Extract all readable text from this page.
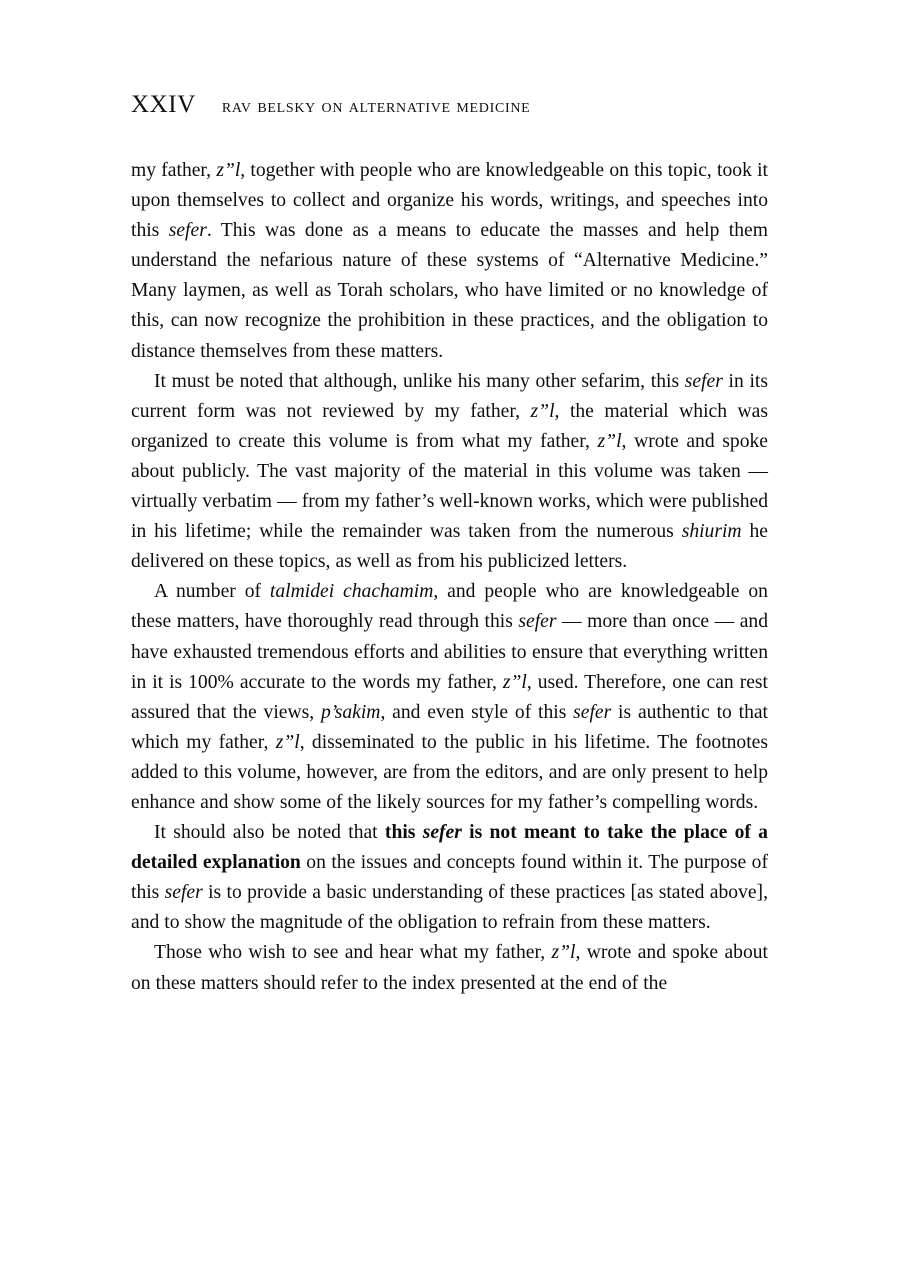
XXIV rav belsky on alternative medicine

my father, z”l, together with people who are knowledgeable on this topic, took it upon themselves to collect and organize his words, writings, and speeches into this sefer. This was done as a means to educate the masses and help them understand the nefarious nature of these systems of “Alternative Medicine.” Many laymen, as well as Torah scholars, who have limited or no knowledge of this, can now recognize the prohibition in these practices, and the obligation to distance themselves from these matters.

It must be noted that although, unlike his many other sefarim, this sefer in its current form was not reviewed by my father, z”l, the material which was organized to create this volume is from what my father, z”l, wrote and spoke about publicly. The vast majority of the material in this volume was taken — virtually verbatim — from my father’s well-known works, which were published in his lifetime; while the remainder was taken from the numerous shiurim he delivered on these topics, as well as from his publicized letters.

A number of talmidei chachamim, and people who are knowledgeable on these matters, have thoroughly read through this sefer — more than once — and have exhausted tremendous efforts and abilities to ensure that everything written in it is 100% accurate to the words my father, z”l, used. Therefore, one can rest assured that the views, p’sakim, and even style of this sefer is authentic to that which my father, z”l, disseminated to the public in his lifetime. The footnotes added to this volume, however, are from the editors, and are only present to help enhance and show some of the likely sources for my father’s compelling words.

It should also be noted that this sefer is not meant to take the place of a detailed explanation on the issues and concepts found within it. The purpose of this sefer is to provide a basic understanding of these practices [as stated above], and to show the magnitude of the obligation to refrain from these matters.

Those who wish to see and hear what my father, z”l, wrote and spoke about on these matters should refer to the index presented at the end of the
